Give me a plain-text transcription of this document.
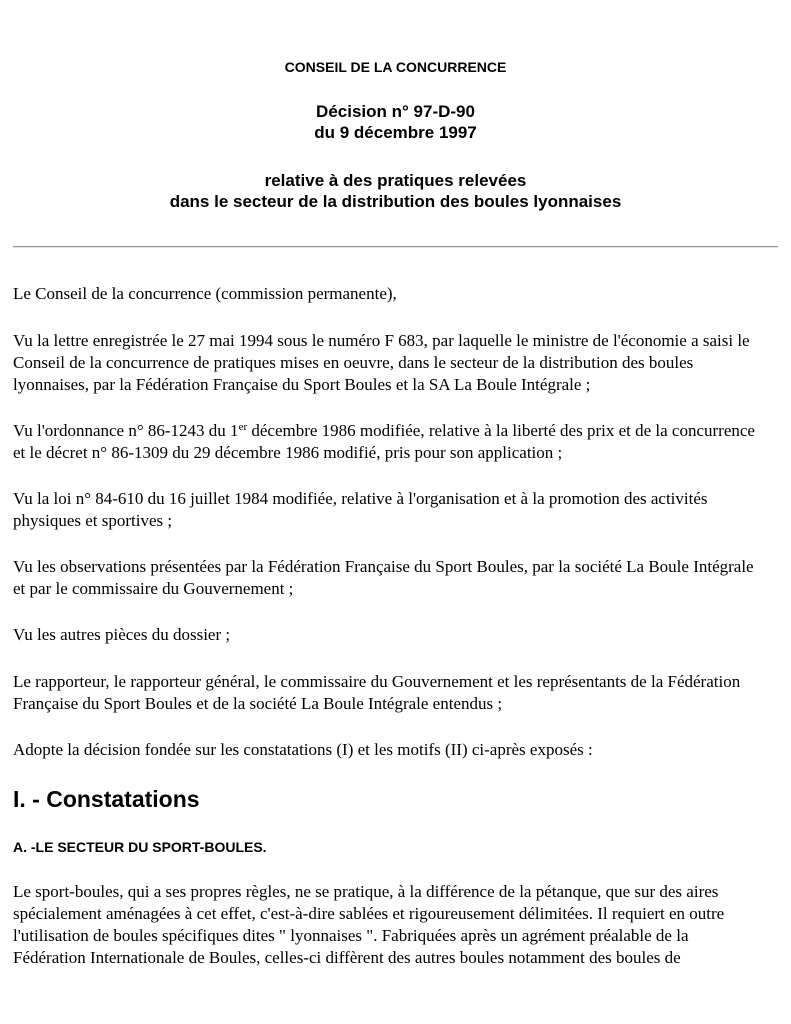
CONSEIL DE LA CONCURRENCE
Décision n° 97-D-90
du 9 décembre 1997
relative à des pratiques relevées
dans le secteur de la distribution des boules lyonnaises

Le Conseil de la concurrence (commission permanente),

Vu la lettre enregistrée le 27 mai 1994 sous le numéro F 683, par laquelle le ministre de l'économie a saisi le Conseil de la concurrence de pratiques mises en oeuvre, dans le secteur de la distribution des boules lyonnaises, par la Fédération Française du Sport Boules et la SA La Boule Intégrale ;

Vu l'ordonnance n° 86-1243 du 1er décembre 1986 modifiée, relative à la liberté des prix et de la concurrence et le décret n° 86-1309 du 29 décembre 1986 modifié, pris pour son application ;

Vu la loi n° 84-610 du 16 juillet 1984 modifiée, relative à l'organisation et à la promotion des activités physiques et sportives ;

Vu les observations présentées par la Fédération Française du Sport Boules, par la société La Boule Intégrale et par le commissaire du Gouvernement ;

Vu les autres pièces du dossier ;

Le rapporteur, le rapporteur général, le commissaire du Gouvernement et les représentants de la Fédération Française du Sport Boules et de la société La Boule Intégrale entendus ;

Adopte la décision fondée sur les constatations (I) et les motifs (II) ci-après exposés :

I. - Constatations
A. -LE SECTEUR DU SPORT-BOULES.

Le sport-boules, qui a ses propres règles, ne se pratique, à la différence de la pétanque, que sur des aires spécialement aménagées à cet effet, c'est-à-dire sablées et rigoureusement délimitées. Il requiert en outre l'utilisation de boules spécifiques dites " lyonnaises ". Fabriquées après un agrément préalable de la Fédération Internationale de Boules, celles-ci diffèrent des autres boules notamment des boules de
